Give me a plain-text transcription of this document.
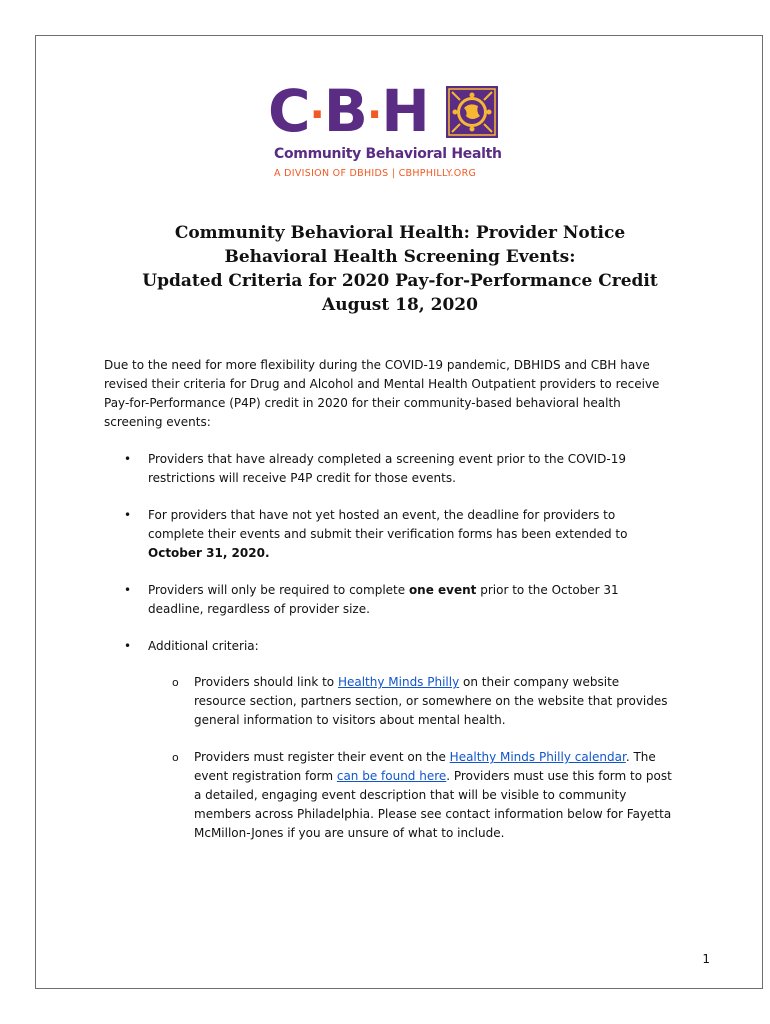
C·B·H
Community Behavioral Health
A DIVISION OF DBHIDS | CBHPHILLY.ORG
Community Behavioral Health: Provider Notice
Behavioral Health Screening Events:
Updated Criteria for 2020 Pay-for-Performance Credit
August 18, 2020
Due to the need for more flexibility during the COVID-19 pandemic, DBHIDS and CBH have revised their criteria for Drug and Alcohol and Mental Health Outpatient providers to receive Pay-for-Performance (P4P) credit in 2020 for their community-based behavioral health screening events:
• Providers that have already completed a screening event prior to the COVID-19 restrictions will receive P4P credit for those events.
• For providers that have not yet hosted an event, the deadline for providers to complete their events and submit their verification forms has been extended to October 31, 2020.
• Providers will only be required to complete one event prior to the October 31 deadline, regardless of provider size.
• Additional criteria:
o Providers should link to Healthy Minds Philly on their company website resource section, partners section, or somewhere on the website that provides general information to visitors about mental health.
o Providers must register their event on the Healthy Minds Philly calendar. The event registration form can be found here. Providers must use this form to post a detailed, engaging event description that will be visible to community members across Philadelphia. Please see contact information below for Fayetta McMillon-Jones if you are unsure of what to include.
1
